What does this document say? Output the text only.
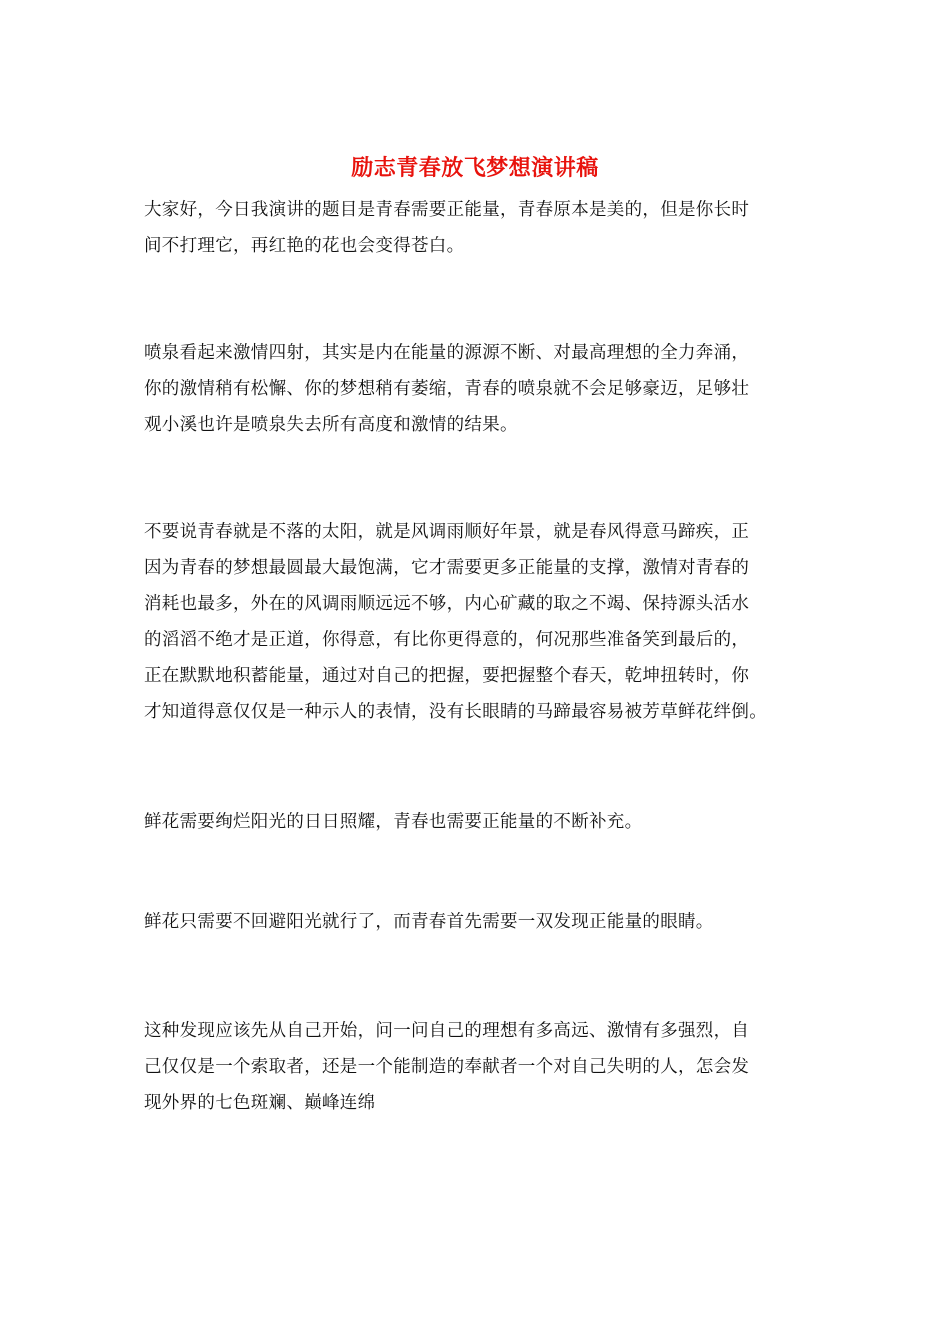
励志青春放飞梦想演讲稿

大家好，今日我演讲的题目是青春需要正能量，青春原本是美的，但是你长时
间不打理它，再红艳的花也会变得苍白。

喷泉看起来激情四射，其实是内在能量的源源不断、对最高理想的全力奔涌，
你的激情稍有松懈、你的梦想稍有萎缩，青春的喷泉就不会足够豪迈，足够壮
观小溪也许是喷泉失去所有高度和激情的结果。

不要说青春就是不落的太阳，就是风调雨顺好年景，就是春风得意马蹄疾，正
因为青春的梦想最圆最大最饱满，它才需要更多正能量的支撑，激情对青春的
消耗也最多，外在的风调雨顺远远不够，内心矿藏的取之不竭、保持源头活水
的滔滔不绝才是正道，你得意，有比你更得意的，何况那些准备笑到最后的，
正在默默地积蓄能量，通过对自己的把握，要把握整个春天，乾坤扭转时，你
才知道得意仅仅是一种示人的表情，没有长眼睛的马蹄最容易被芳草鲜花绊倒。

鲜花需要绚烂阳光的日日照耀，青春也需要正能量的不断补充。

鲜花只需要不回避阳光就行了，而青春首先需要一双发现正能量的眼睛。

这种发现应该先从自己开始，问一问自己的理想有多高远、激情有多强烈，自
己仅仅是一个索取者，还是一个能制造的奉献者一个对自己失明的人，怎会发
现外界的七色斑斓、巅峰连绵
